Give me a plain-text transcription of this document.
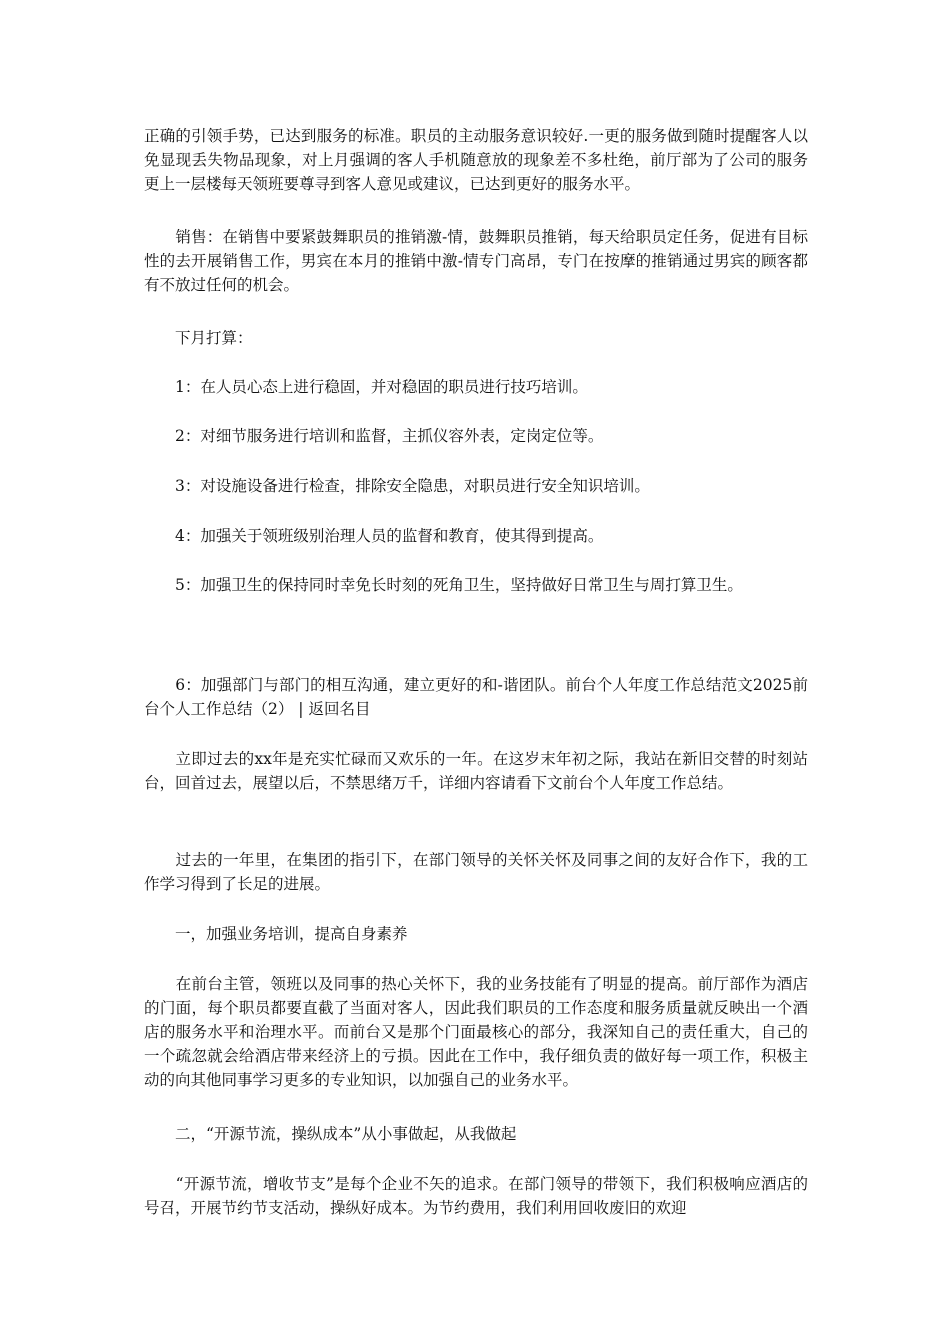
正确的引领手势，已达到服务的标准。职员的主动服务意识较好.一更的服务做到随时提醒客人以免显现丢失物品现象，对上月强调的客人手机随意放的现象差不多杜绝，前厅部为了公司的服务更上一层楼每天领班要尊寻到客人意见或建议，已达到更好的服务水平。

　　销售：在销售中要紧鼓舞职员的推销激-情，鼓舞职员推销，每天给职员定任务，促进有目标性的去开展销售工作，男宾在本月的推销中激-情专门高昂，专门在按摩的推销通过男宾的顾客都有不放过任何的机会。

　　下月打算：

　　1：在人员心态上进行稳固，并对稳固的职员进行技巧培训。

　　2：对细节服务进行培训和监督，主抓仪容外表，定岗定位等。

　　3：对设施设备进行检查，排除安全隐患，对职员进行安全知识培训。

　　4：加强关于领班级别治理人员的监督和教育，使其得到提高。

　　5：加强卫生的保持同时幸免长时刻的死角卫生，坚持做好日常卫生与周打算卫生。

　　6：加强部门与部门的相互沟通，建立更好的和-谐团队。前台个人年度工作总结范文2025前台个人工作总结（2） | 返回名目

　　立即过去的xx年是充实忙碌而又欢乐的一年。在这岁末年初之际，我站在新旧交替的时刻站台，回首过去，展望以后，不禁思绪万千，详细内容请看下文前台个人年度工作总结。

　　过去的一年里，在集团的指引下，在部门领导的关怀关怀及同事之间的友好合作下，我的工作学习得到了长足的进展。

　　一，加强业务培训，提高自身素养

　　在前台主管，领班以及同事的热心关怀下，我的业务技能有了明显的提高。前厅部作为酒店的门面，每个职员都要直截了当面对客人，因此我们职员的工作态度和服务质量就反映出一个酒店的服务水平和治理水平。而前台又是那个门面最核心的部分，我深知自己的责任重大，自己的一个疏忽就会给酒店带来经济上的亏损。因此在工作中，我仔细负责的做好每一项工作，积极主动的向其他同事学习更多的专业知识，以加强自己的业务水平。

　　二，“开源节流，操纵成本”从小事做起，从我做起

　　“开源节流，增收节支”是每个企业不矢的追求。在部门领导的带领下，我们积极响应酒店的号召，开展节约节支活动，操纵好成本。为节约费用，我们利用回收废旧的欢迎
